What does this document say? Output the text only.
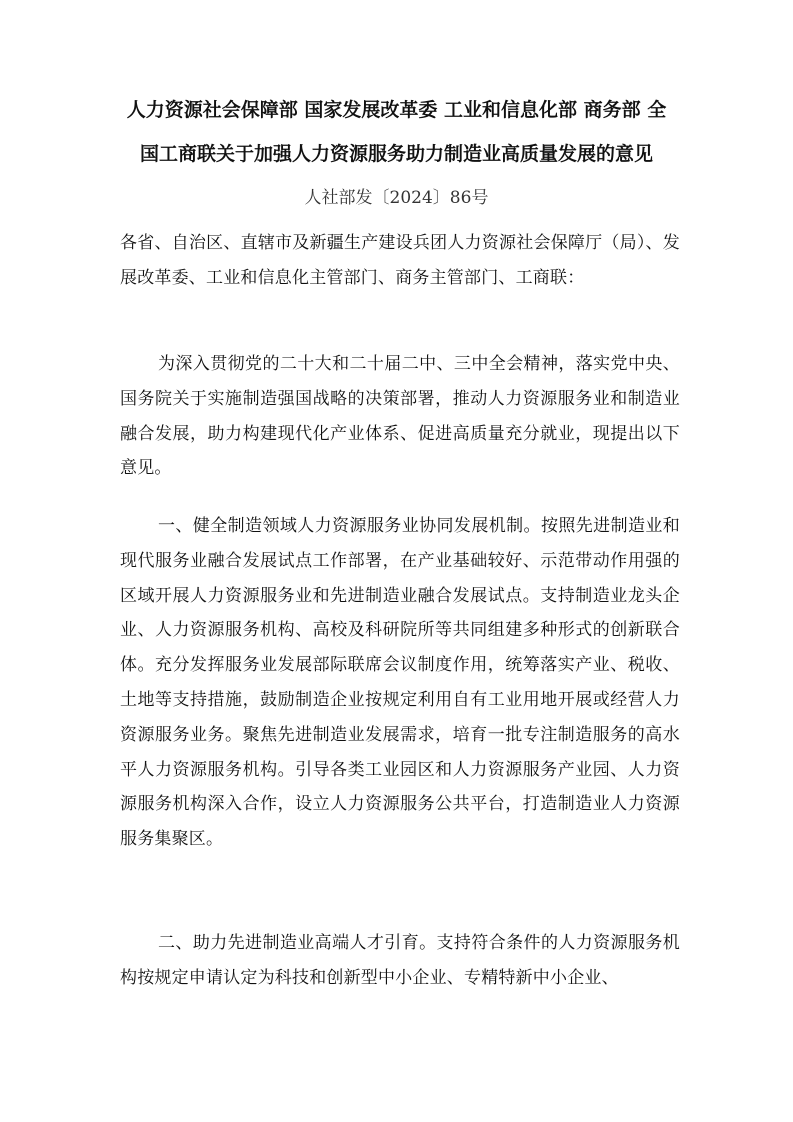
人力资源社会保障部 国家发展改革委 工业和信息化部 商务部 全
国工商联关于加强人力资源服务助力制造业高质量发展的意见

人社部发〔2024〕86号

各省、自治区、直辖市及新疆生产建设兵团人力资源社会保障厅（局）、发展改革委、工业和信息化主管部门、商务主管部门、工商联：

为深入贯彻党的二十大和二十届二中、三中全会精神，落实党中央、国务院关于实施制造强国战略的决策部署，推动人力资源服务业和制造业融合发展，助力构建现代化产业体系、促进高质量充分就业，现提出以下意见。

一、健全制造领域人力资源服务业协同发展机制。按照先进制造业和现代服务业融合发展试点工作部署，在产业基础较好、示范带动作用强的区域开展人力资源服务业和先进制造业融合发展试点。支持制造业龙头企业、人力资源服务机构、高校及科研院所等共同组建多种形式的创新联合体。充分发挥服务业发展部际联席会议制度作用，统筹落实产业、税收、土地等支持措施，鼓励制造企业按规定利用自有工业用地开展或经营人力资源服务业务。聚焦先进制造业发展需求，培育一批专注制造服务的高水平人力资源服务机构。引导各类工业园区和人力资源服务产业园、人力资源服务机构深入合作，设立人力资源服务公共平台，打造制造业人力资源服务集聚区。

二、助力先进制造业高端人才引育。支持符合条件的人力资源服务机构按规定申请认定为科技和创新型中小企业、专精特新中小企业、
